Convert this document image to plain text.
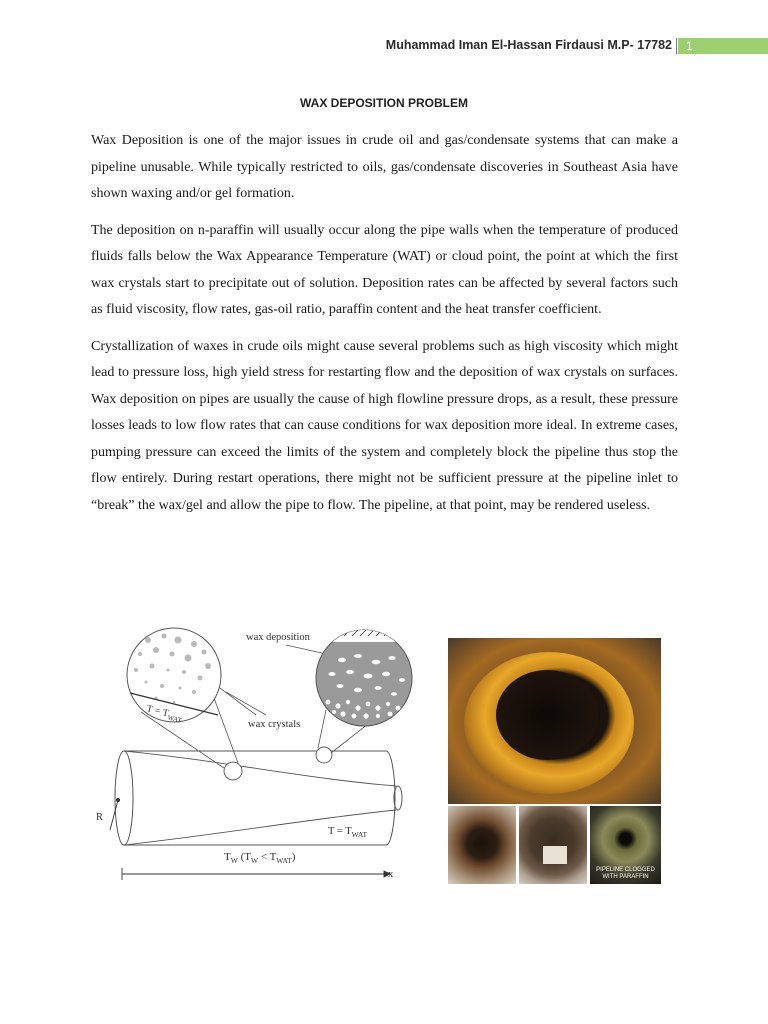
Muhammad Iman El-Hassan Firdausi M.P- 17782 1
WAX DEPOSITION PROBLEM

Wax Deposition is one of the major issues in crude oil and gas/condensate systems that can make a pipeline unusable. While typically restricted to oils, gas/condensate discoveries in Southeast Asia have shown waxing and/or gel formation.

The deposition on n-paraffin will usually occur along the pipe walls when the temperature of produced fluids falls below the Wax Appearance Temperature (WAT) or cloud point, the point at which the first wax crystals start to precipitate out of solution. Deposition rates can be affected by several factors such as fluid viscosity, flow rates, gas-oil ratio, paraffin content and the heat transfer coefficient.

Crystallization of waxes in crude oils might cause several problems such as high viscosity which might lead to pressure loss, high yield stress for restarting flow and the deposition of wax crystals on surfaces. Wax deposition on pipes are usually the cause of high flowline pressure drops, as a result, these pressure losses leads to low flow rates that can cause conditions for wax deposition more ideal. In extreme cases, pumping pressure can exceed the limits of the system and completely block the pipeline thus stop the flow entirely. During restart operations, there might not be sufficient pressure at the pipeline inlet to “break” the wax/gel and allow the pipe to flow. The pipeline, at that point, may be rendered useless.

wax deposition
wax crystals
$T = T_{WAT}$
$T = T_{WAT}$
R
$T_W$ $(T_W < T_{WAT})$
x	PIPELINE CLOGGED WITH PARAFFIN
